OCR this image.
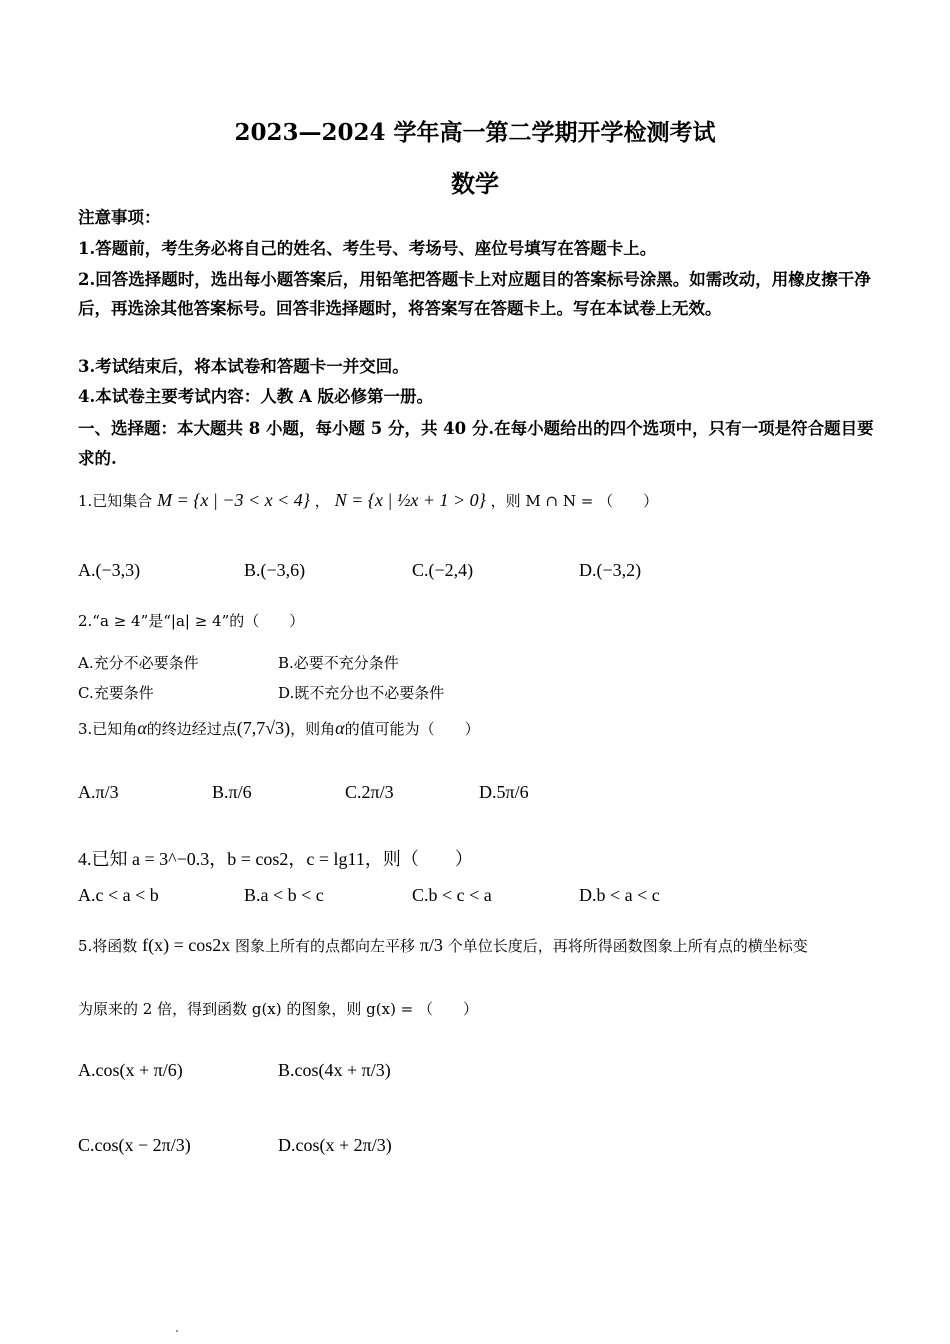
2023—2024 学年高一第二学期开学检测考试
数学
注意事项：
1.答题前，考生务必将自己的姓名、考生号、考场号、座位号填写在答题卡上。
2.回答选择题时，选出每小题答案后，用铅笔把答题卡上对应题目的答案标号涂黑。如需改动，用橡皮擦干净后，再选涂其他答案标号。回答非选择题时，将答案写在答题卡上。写在本试卷上无效。
3.考试结束后，将本试卷和答题卡一并交回。
4.本试卷主要考试内容：人教 A 版必修第一册。
一、选择题：本大题共 8 小题，每小题 5 分，共 40 分.在每小题给出的四个选项中，只有一项是符合题目要求的.
1.已知集合 M = {x | −3 < x < 4} ， N = {x | ½x + 1 > 0} ，则 M ∩ N = （　　）
A.(−3,3)	B.(−3,6)	C.(−2,4)	D.(−3,2)
2.“a ≥ 4”是“|a| ≥ 4”的（　　）
A.充分不必要条件	B.必要不充分条件
C.充要条件	D.既不充分也不必要条件
3.已知角α的终边经过点(7,7√3)，则角α的值可能为（　　）
A.π/3	B.π/6	C.2π/3	D.5π/6
4.已知 a = 3^−0.3，b = cos2，c = lg11，则（　　）
A.c < a < b	B.a < b < c	C.b < c < a	D.b < a < c
5.将函数 f(x) = cos2x 图象上所有的点都向左平移 π/3 个单位长度后，再将所得函数图象上所有点的横坐标变
为原来的 2 倍，得到函数 g(x) 的图象，则 g(x) = （　　）
A.cos(x + π/6)	B.cos(4x + π/3)
C.cos(x − 2π/3)	D.cos(x + 2π/3)
